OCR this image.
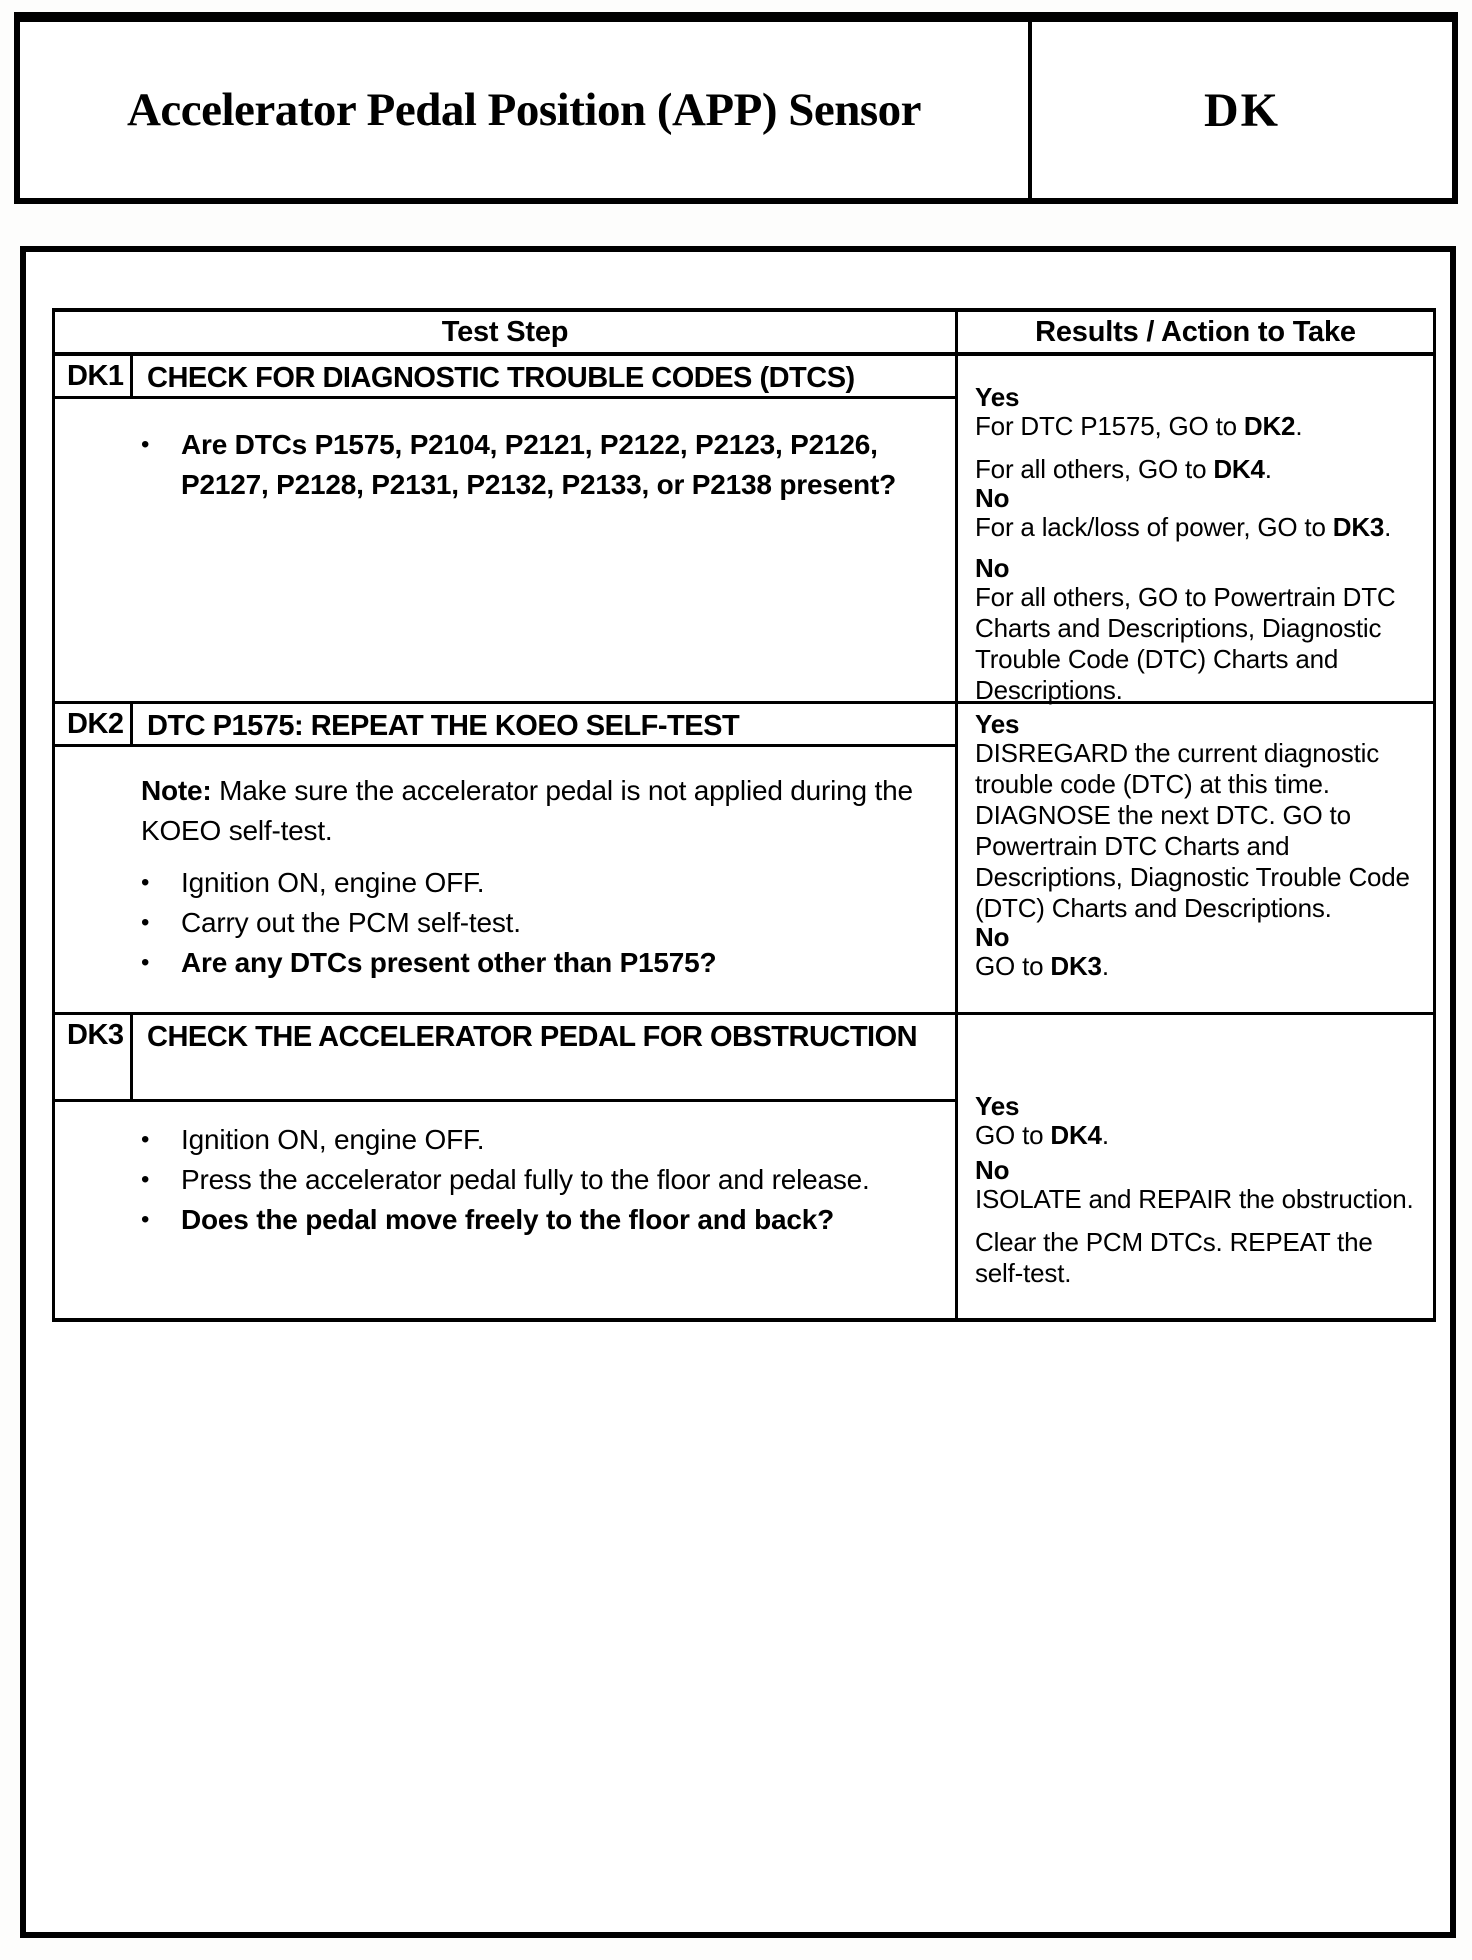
Accelerator Pedal Position (APP) Sensor	DK
Test Step	Results / Action to Take
DK1 CHECK FOR DIAGNOSTIC TROUBLE CODES (DTCS)
•	Are DTCs P1575, P2104, P2121, P2122, P2123, P2126, P2127, P2128, P2131, P2132, P2133, or P2138 present?
Yes
For DTC P1575, GO to DK2.
For all others, GO to DK4.
No
For a lack/loss of power, GO to DK3.
No
For all others, GO to Powertrain DTC Charts and Descriptions, Diagnostic Trouble Code (DTC) Charts and Descriptions.
DK2 DTC P1575: REPEAT THE KOEO SELF-TEST
Note: Make sure the accelerator pedal is not applied during the KOEO self-test.
•	Ignition ON, engine OFF.
•	Carry out the PCM self-test.
•	Are any DTCs present other than P1575?
Yes
DISREGARD the current diagnostic trouble code (DTC) at this time. DIAGNOSE the next DTC. GO to Powertrain DTC Charts and Descriptions, Diagnostic Trouble Code (DTC) Charts and Descriptions.
No
GO to DK3.
DK3 CHECK THE ACCELERATOR PEDAL FOR OBSTRUCTION
•	Ignition ON, engine OFF.
•	Press the accelerator pedal fully to the floor and release.
•	Does the pedal move freely to the floor and back?
Yes
GO to DK4.
No
ISOLATE and REPAIR the obstruction.
Clear the PCM DTCs. REPEAT the self-test.
